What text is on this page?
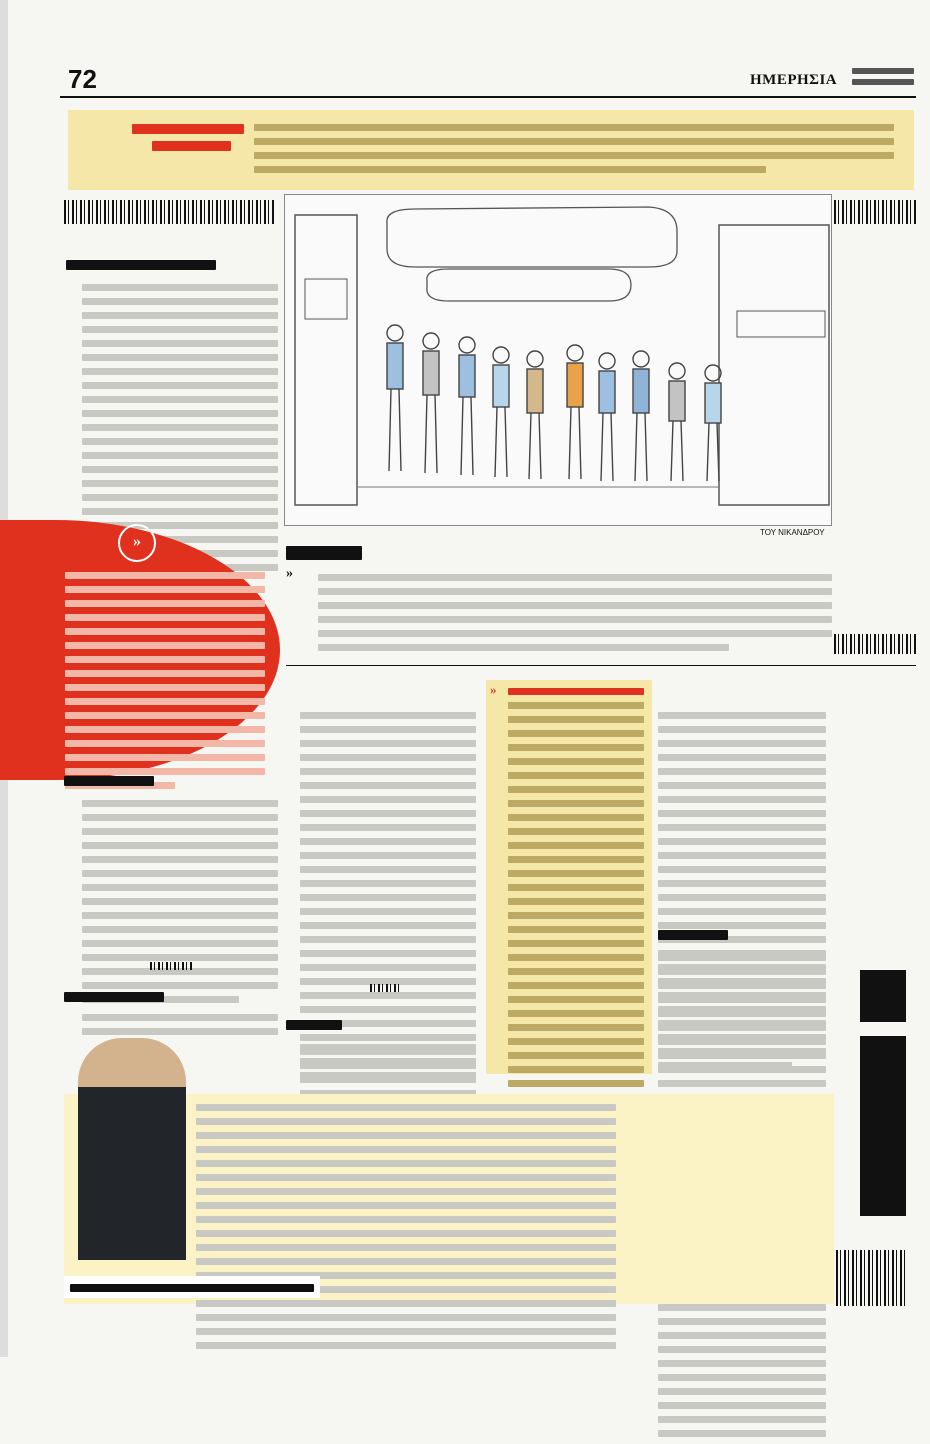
72	ΗΜΕΡΗΣΙΑ
»
»
ΤΟΥ ΝΙΚΑΝΔΡΟΥ
»
»
